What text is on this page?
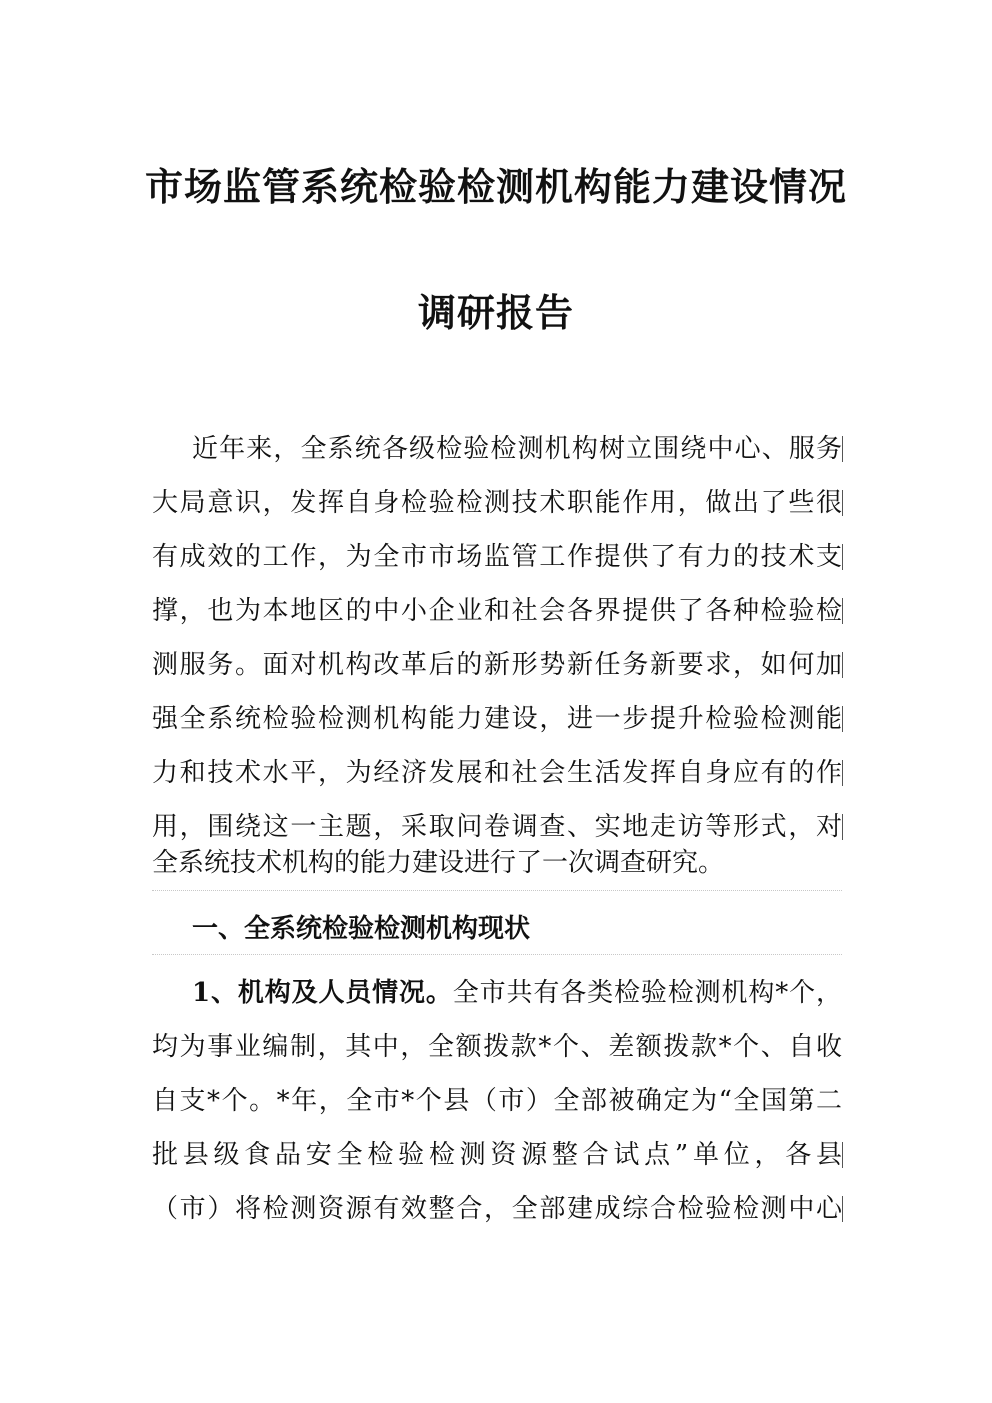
市场监管系统检验检测机构能力建设情况
调研报告
近年来，全系统各级检验检测机构树立围绕中心、服务
大局意识，发挥自身检验检测技术职能作用，做出了些很
有成效的工作，为全市市场监管工作提供了有力的技术支
撑，也为本地区的中小企业和社会各界提供了各种检验检
测服务。面对机构改革后的新形势新任务新要求，如何加
强全系统检验检测机构能力建设，进一步提升检验检测能
力和技术水平，为经济发展和社会生活发挥自身应有的作
用，围绕这一主题，采取问卷调查、实地走访等形式，对
全系统技术机构的能力建设进行了一次调查研究。
一、全系统检验检测机构现状
1、机构及人员情况。全市共有各类检验检测机构*个，
均为事业编制，其中，全额拨款*个、差额拨款*个、自收
自支*个。*年，全市*个县（市）全部被确定为“全国第二
批县级食品安全检验检测资源整合试点”单位，各县
（市）将检测资源有效整合，全部建成综合检验检测中心
